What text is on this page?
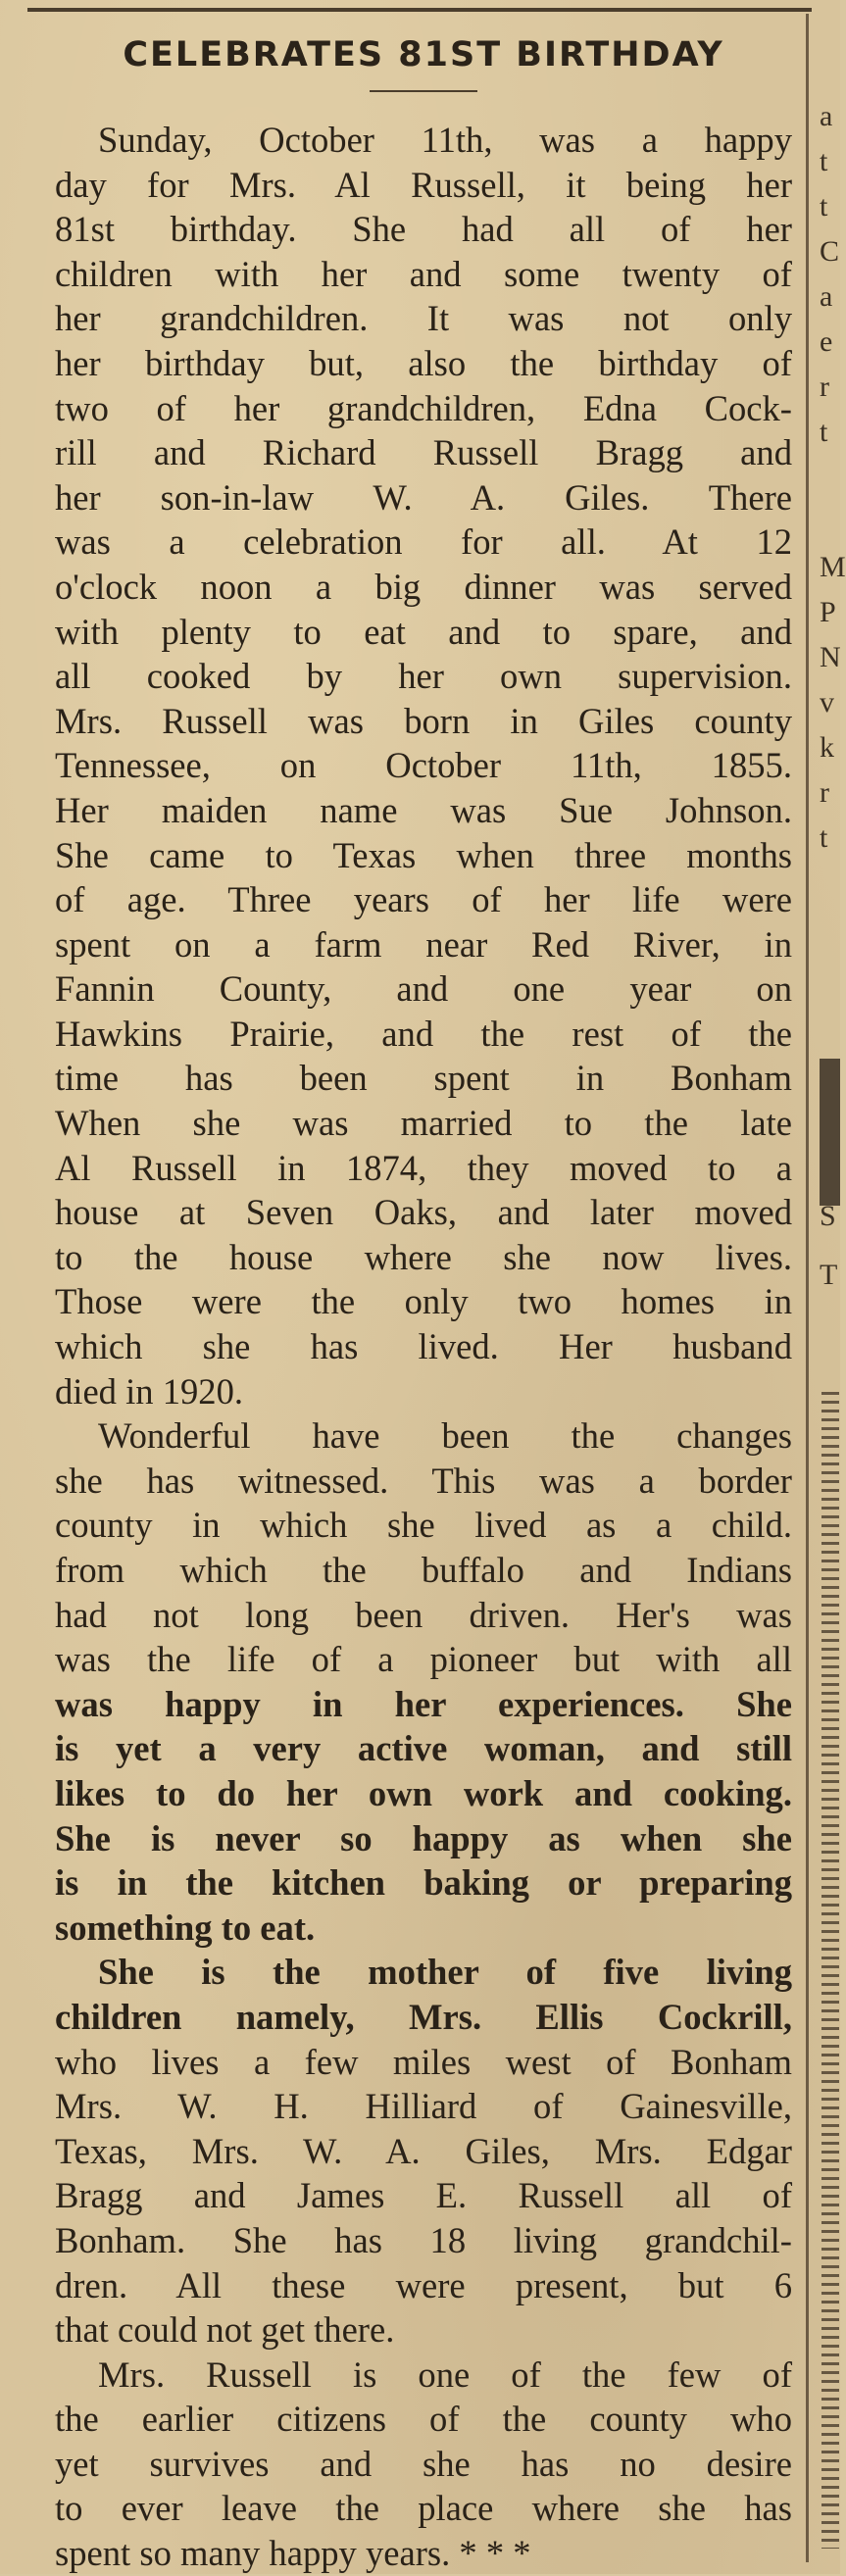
CELEBRATES 81ST BIRTHDAY
Sunday, October 11th, was a happy
day for Mrs. Al Russell, it being her
81st birthday. She had all of her
children with her and some twenty of
her grandchildren. It was not only
her birthday but, also the birthday of
two of her grandchildren, Edna Cock-
rill and Richard Russell Bragg and
her son-in-law W. A. Giles. There
was a celebration for all. At 12
o'clock noon a big dinner was served
with plenty to eat and to spare, and
all cooked by her own supervision.
Mrs. Russell was born in Giles county
Tennessee, on October 11th, 1855.
Her maiden name was Sue Johnson.
She came to Texas when three months
of age. Three years of her life were
spent on a farm near Red River, in
Fannin County, and one year on
Hawkins Prairie, and the rest of the
time has been spent in Bonham
When she was married to the late
Al Russell in 1874, they moved to a
house at Seven Oaks, and later moved
to the house where she now lives.
Those were the only two homes in
which she has lived. Her husband
died in 1920.
Wonderful have been the changes
she has witnessed. This was a border
county in which she lived as a child.
from which the buffalo and Indians
had not long been driven. Her's was
was the life of a pioneer but with all
was happy in her experiences. She
is yet a very active woman, and still
likes to do her own work and cooking.
She is never so happy as when she
is in the kitchen baking or preparing
something to eat.
She is the mother of five living
children namely, Mrs. Ellis Cockrill,
who lives a few miles west of Bonham
Mrs. W. H. Hilliard of Gainesville,
Texas, Mrs. W. A. Giles, Mrs. Edgar
Bragg and James E. Russell all of
Bonham. She has 18 living grandchil-
dren. All these were present, but 6
that could not get there.
Mrs. Russell is one of the few of
the earlier citizens of the county who
yet survives and she has no desire
to ever leave the place where she has
spent so many happy years. * * *
a
t
t
C
a
e
r
t
M
P
N
v
k
r
t
S
T
